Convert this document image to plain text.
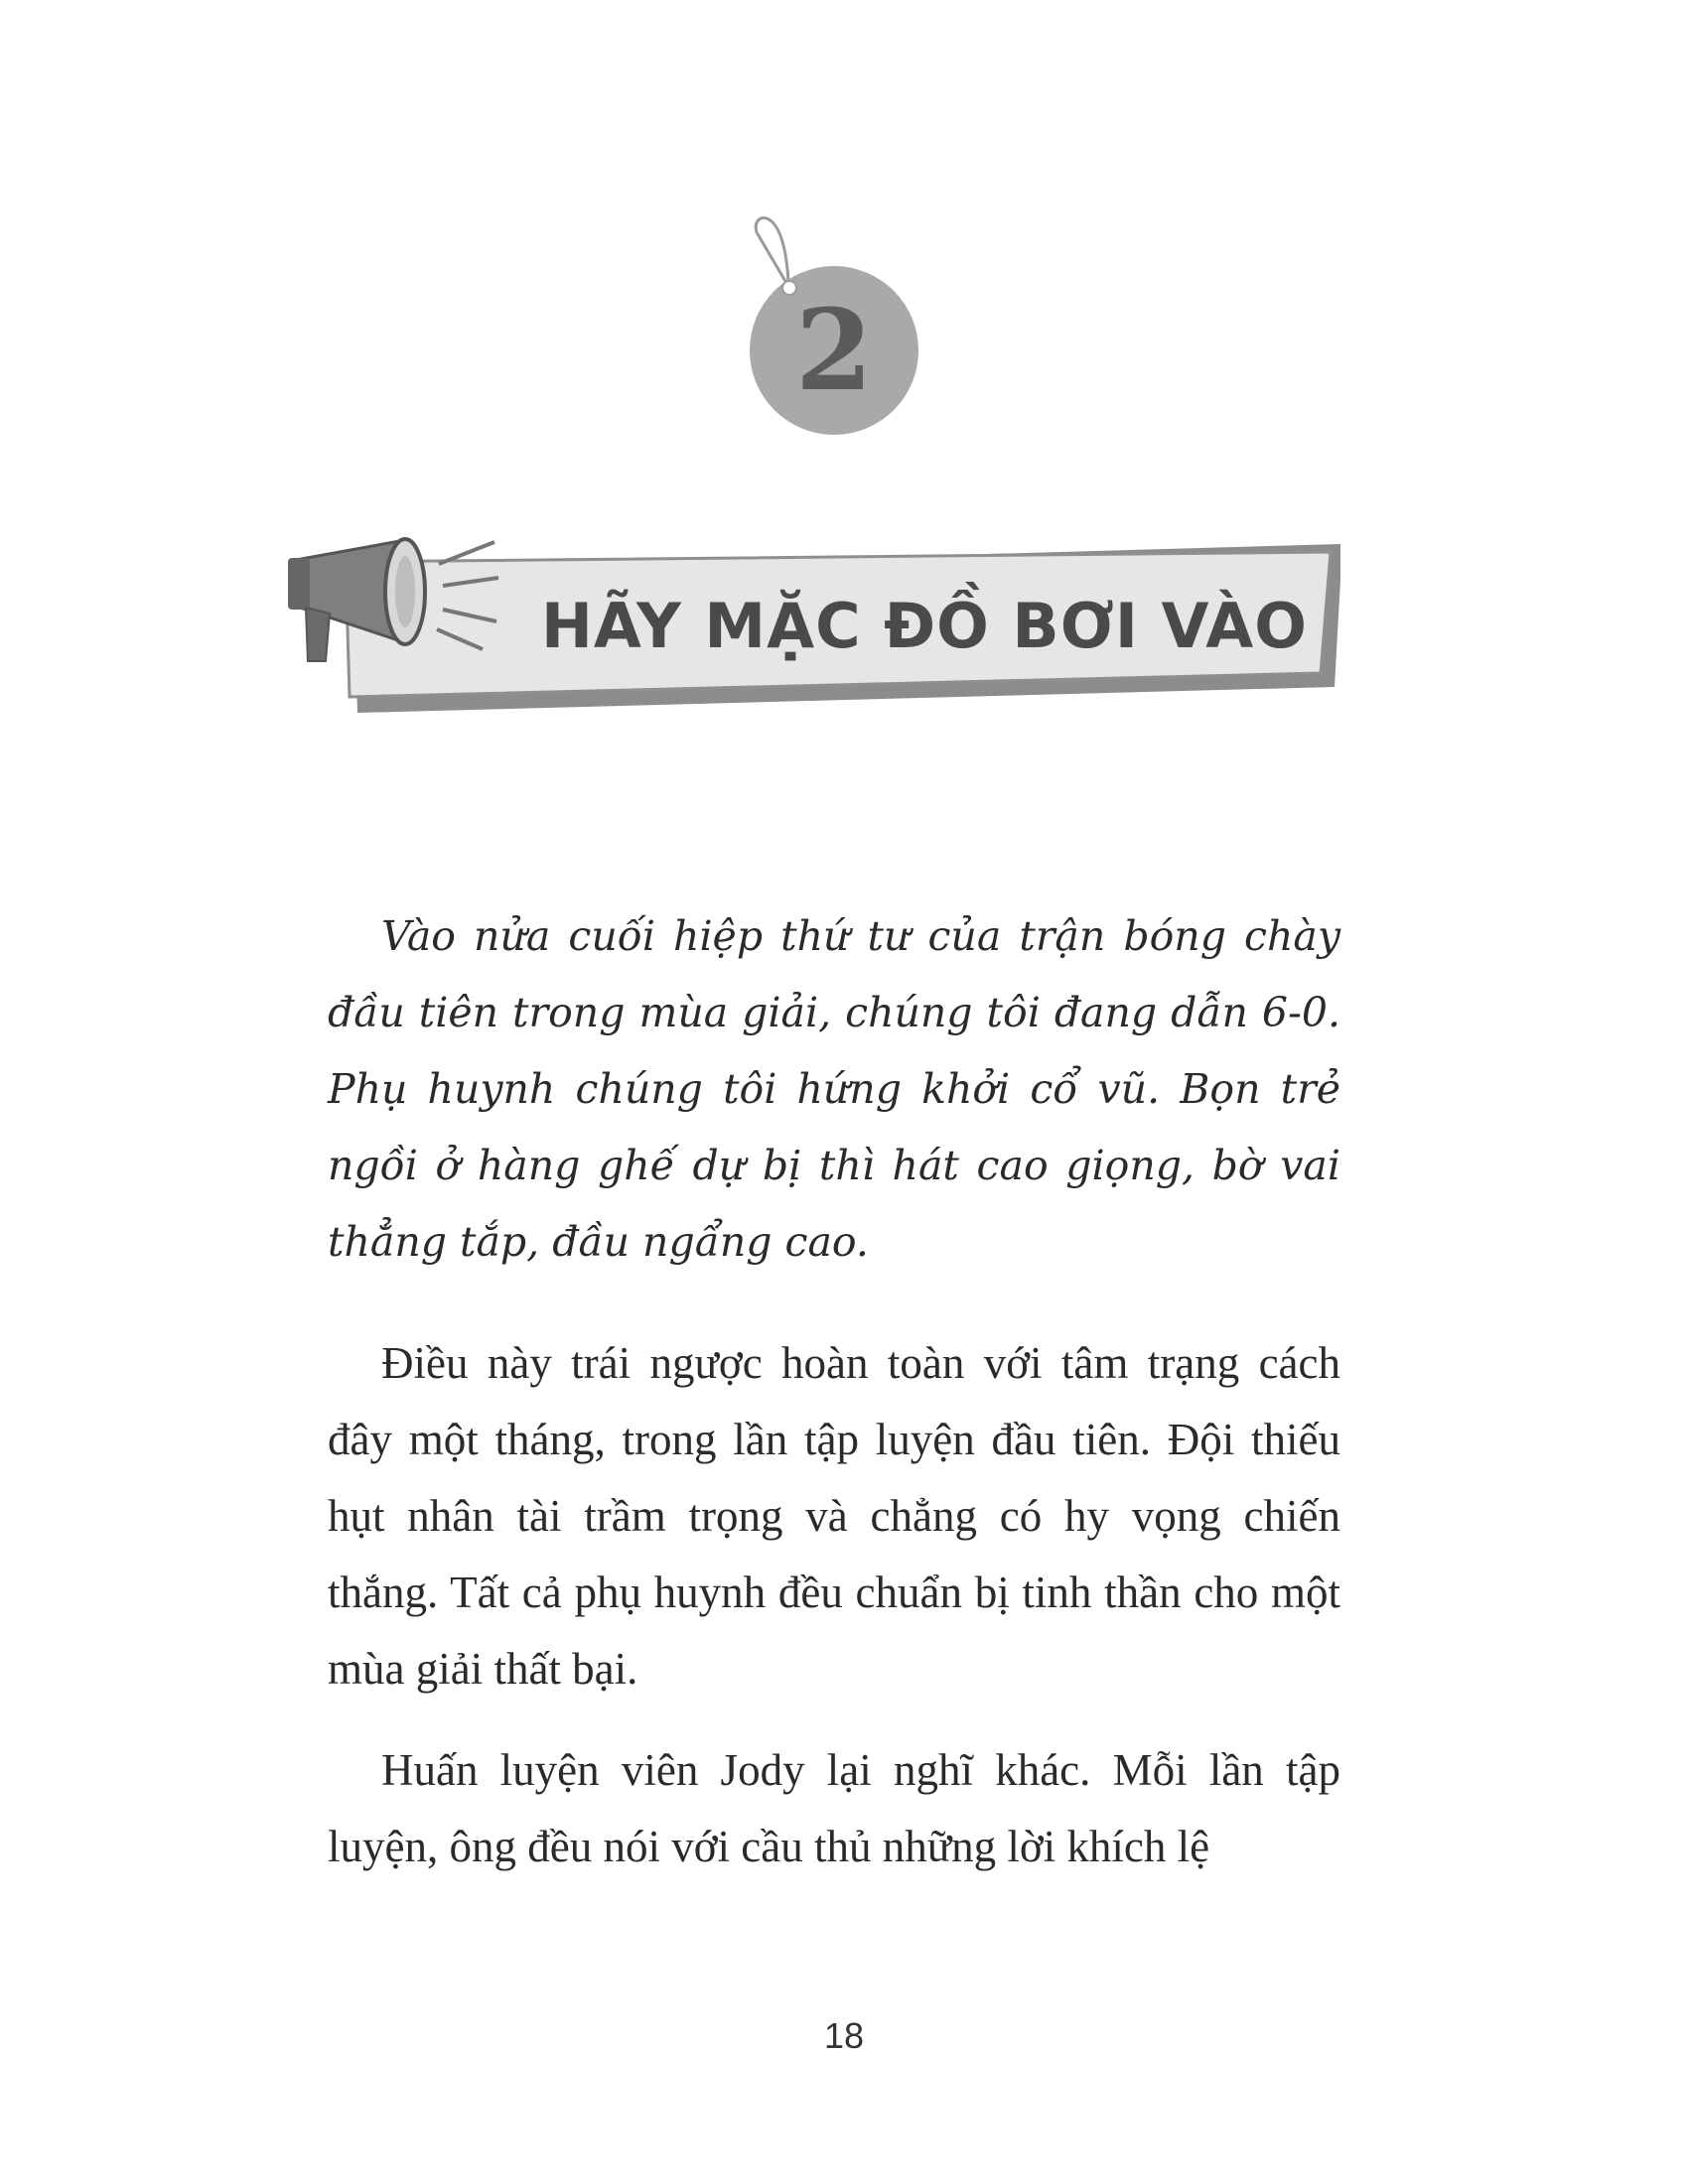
2
HÃY MẶC ĐỒ BƠI VÀO

Vào nửa cuối hiệp thứ tư của trận bóng chày đầu tiên trong mùa giải, chúng tôi đang dẫn 6-0. Phụ huynh chúng tôi hứng khởi cổ vũ. Bọn trẻ ngồi ở hàng ghế dự bị thì hát cao giọng, bờ vai thẳng tắp, đầu ngẩng cao.

Điều này trái ngược hoàn toàn với tâm trạng cách đây một tháng, trong lần tập luyện đầu tiên. Đội thiếu hụt nhân tài trầm trọng và chẳng có hy vọng chiến thắng. Tất cả phụ huynh đều chuẩn bị tinh thần cho một mùa giải thất bại.

Huấn luyện viên Jody lại nghĩ khác. Mỗi lần tập luyện, ông đều nói với cầu thủ những lời khích lệ

18
